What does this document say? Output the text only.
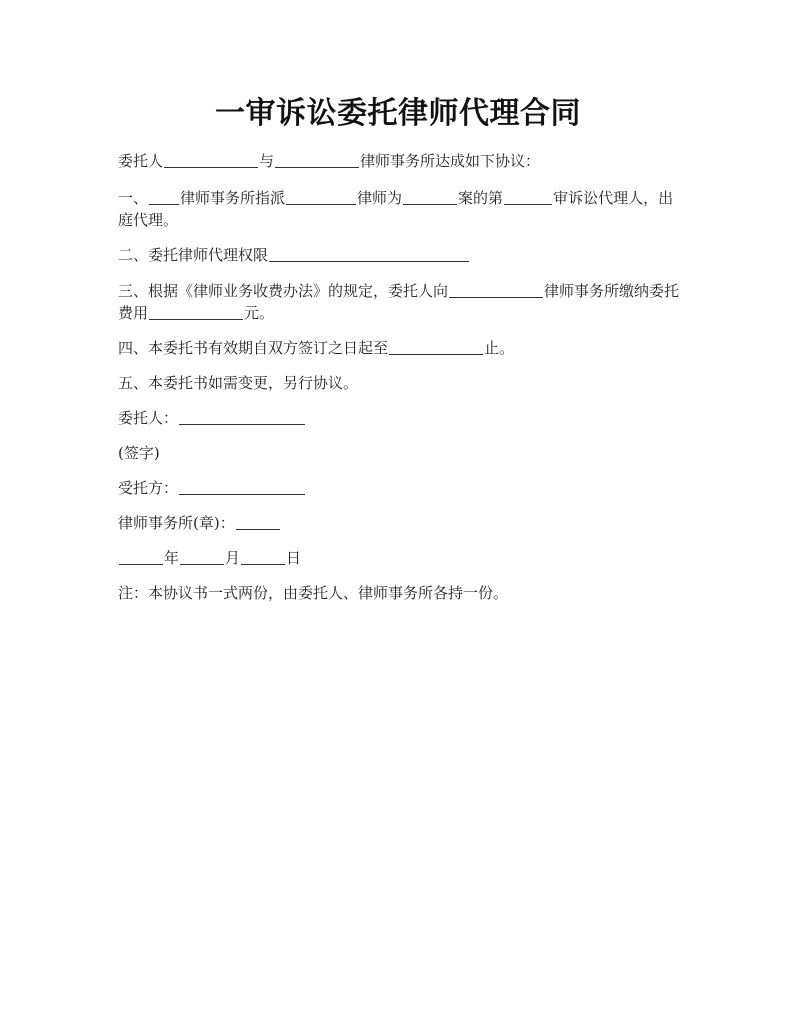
一审诉讼委托律师代理合同

委托人	与	律师事务所达成如下协议：

一、 律师事务所指派	律师为	案的第	审诉讼代理人，出庭代理。

二、委托律师代理权限

三、根据《律师业务收费办法》的规定，委托人向	律师事务所缴纳委托费用	元。

四、本委托书有效期自双方签订之日起至	止。

五、本委托书如需变更，另行协议。

委托人：

(签字)

受托方：

律师事务所(章)：

年	月	日

注：本协议书一式两份，由委托人、律师事务所各持一份。
